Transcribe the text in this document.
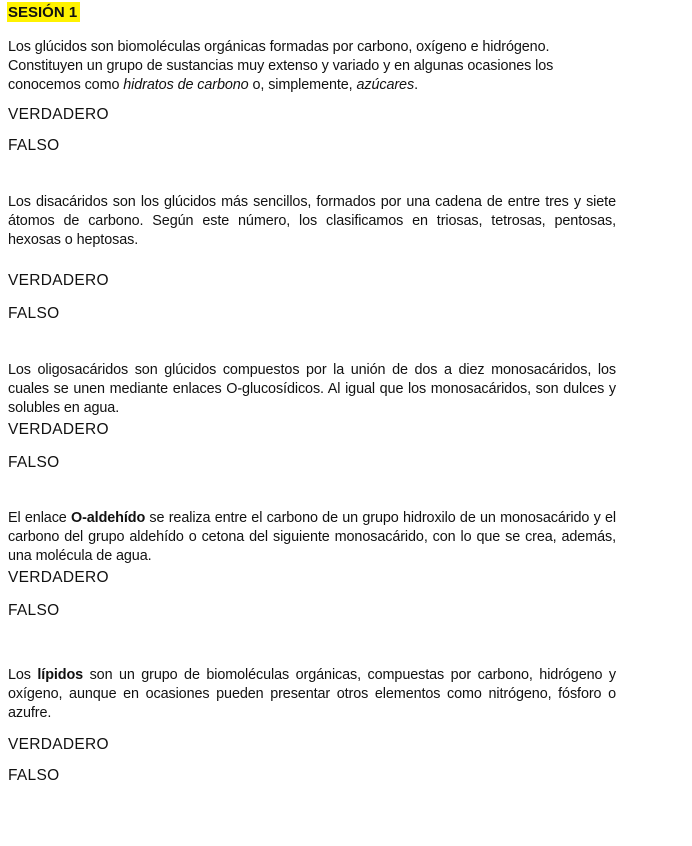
SESIÓN 1
Los glúcidos son biomoléculas orgánicas formadas por carbono, oxígeno e hidrógeno. Constituyen un grupo de sustancias muy extenso y variado y en algunas ocasiones los conocemos como hidratos de carbono o, simplemente, azúcares.
VERDADERO
FALSO
Los disacáridos son los glúcidos más sencillos, formados por una cadena de entre tres y siete átomos de carbono. Según este número, los clasificamos en triosas, tetrosas, pentosas, hexosas o heptosas.
VERDADERO
FALSO
Los oligosacáridos son glúcidos compuestos por la unión de dos a diez monosacáridos, los cuales se unen mediante enlaces O-glucosídicos. Al igual que los monosacáridos, son dulces y solubles en agua.
VERDADERO
FALSO
El enlace O-aldehído se realiza entre el carbono de un grupo hidroxilo de un monosacárido y el carbono del grupo aldehído o cetona del siguiente monosacárido, con lo que se crea, además, una molécula de agua.
VERDADERO
FALSO
Los lípidos son un grupo de biomoléculas orgánicas, compuestas por carbono, hidrógeno y oxígeno, aunque en ocasiones pueden presentar otros elementos como nitrógeno, fósforo o azufre.
VERDADERO
FALSO
